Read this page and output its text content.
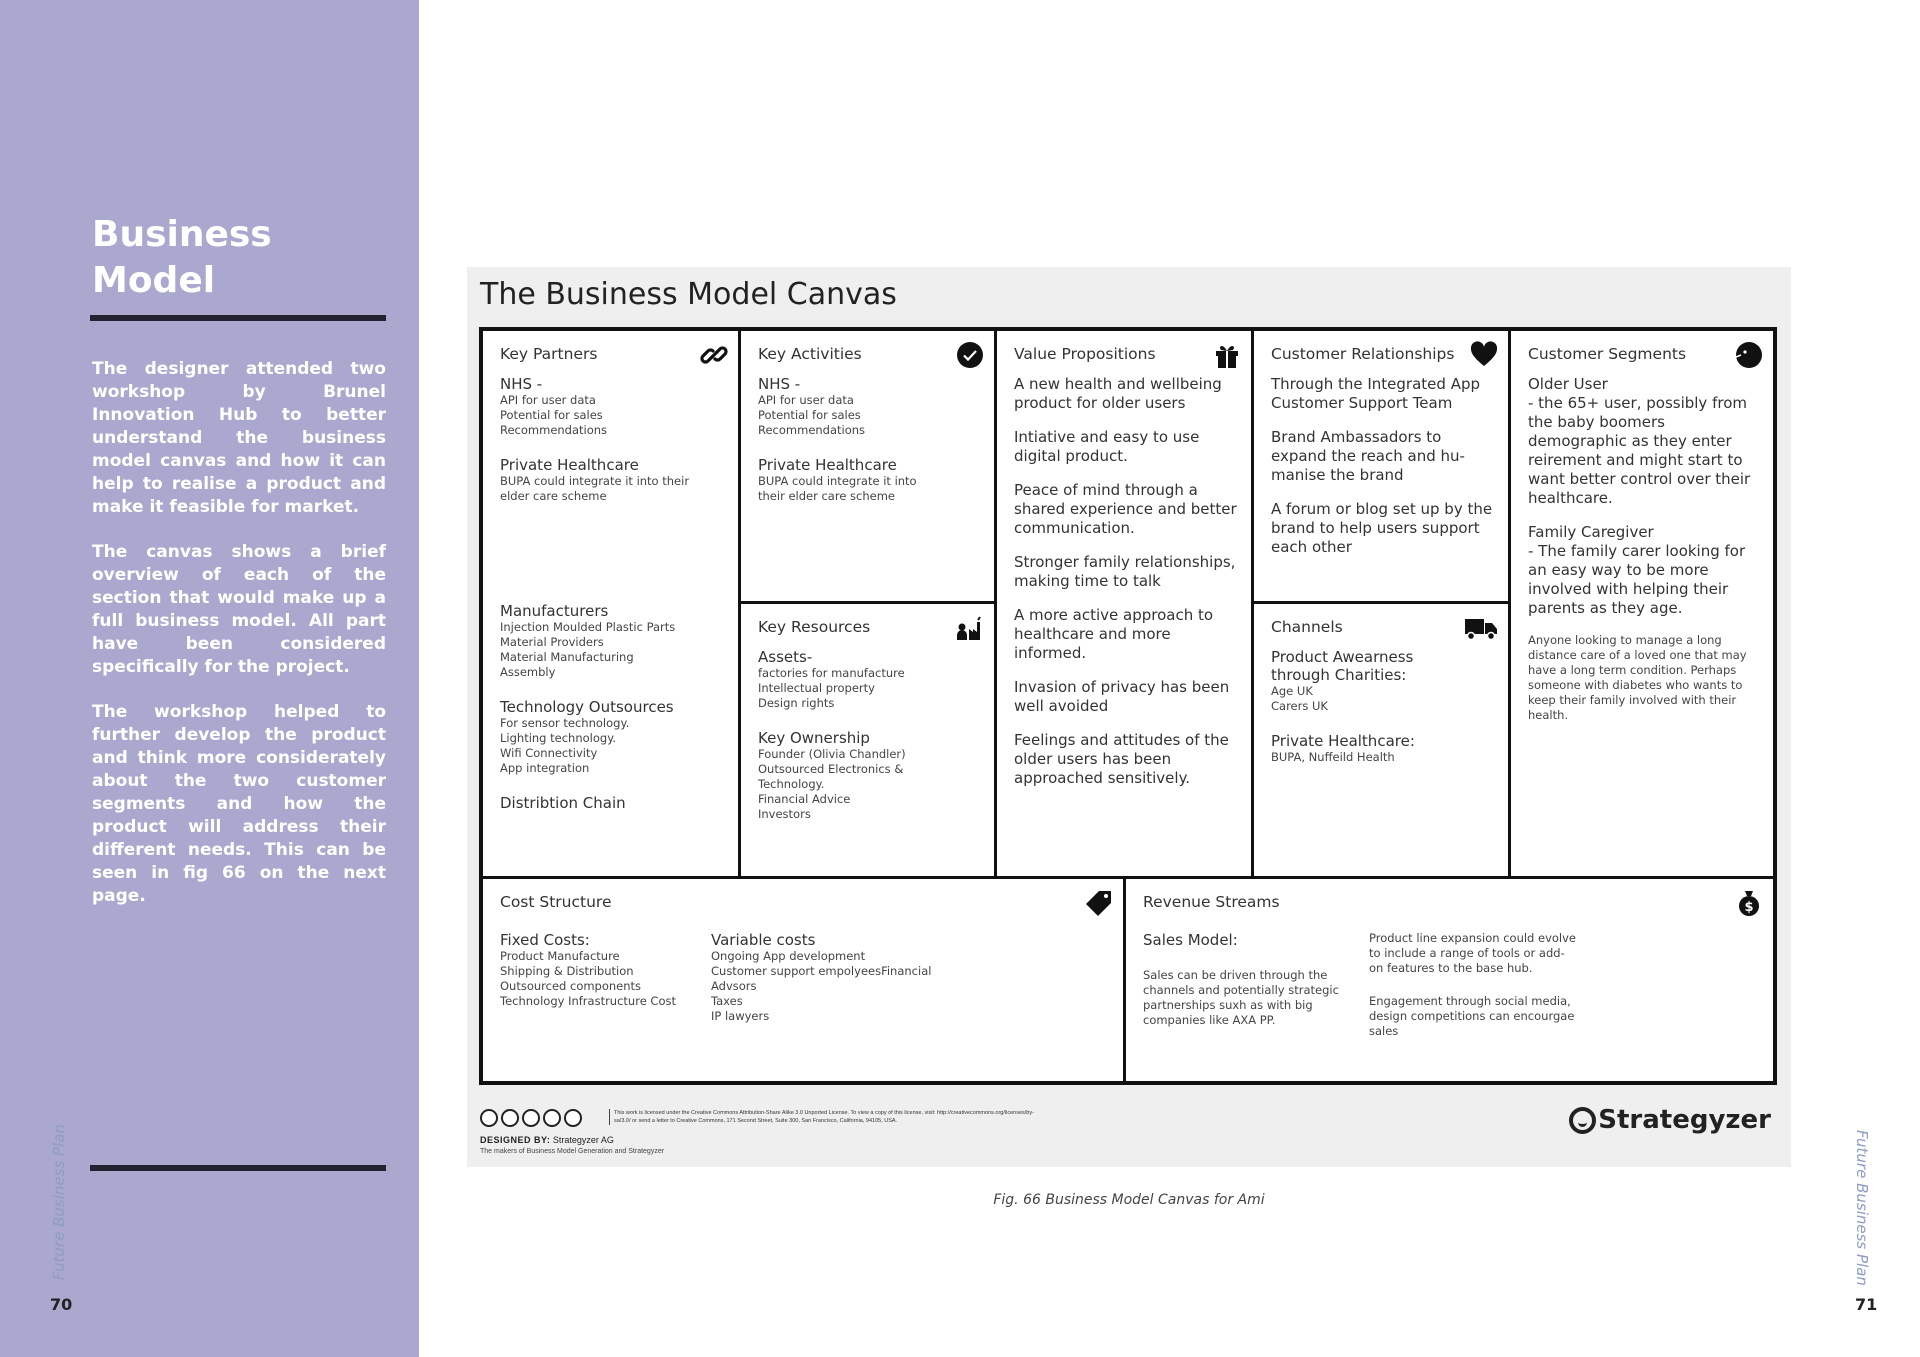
Business
Model

The designer attended two workshop by Brunel Innovation Hub to better understand the business model canvas and how it can help to realise a product and make it feasible for market.

The canvas shows a brief overview of each of the section that would make up a full business model. All part have been considered specifically for the project.

The workshop helped to further develop the product and think more considerately about the two customer segments and how the product will address their different needs. This can be seen in fig 66 on the next page.

Future Business Plan
70
Future Business Plan
71
The Business Model Canvas
Key Partners
NHS -
API for user data
Potential for sales
Recommendations
Private Healthcare
BUPA could integrate it into their
elder care scheme
Manufacturers
Injection Moulded Plastic Parts
Material Providers
Material Manufacturing
Assembly
Technology Outsources
For sensor technology.
Lighting technology.
Wifi Connectivity
App integration
Distribtion Chain
Key Activities
NHS -
API for user data
Potential for sales
Recommendations
Private Healthcare
BUPA could integrate it into
their elder care scheme
Key Resources
Assets-
factories for manufacture
Intellectual property
Design rights
Key Ownership
Founder (Olivia Chandler)
Outsourced Electronics &
Technology.
Financial Advice
Investors
Value Propositions
A new health and wellbeing product for older users
Intiative and easy to use digital product.
Peace of mind through a shared experience and better communication.
Stronger family relationships, making time to talk
A more active approach to healthcare and more informed.
Invasion of privacy has been well avoided
Feelings and attitudes of the older users has been approached sensitively.
Customer Relationships
Through the Integrated App Customer Support Team
Brand Ambassadors to expand the reach and hu-manise the brand
A forum or blog set up by the brand to help users support each other
Channels
Product Awearness through Charities:
Age UK
Carers UK
Private Healthcare:
BUPA, Nuffeild Health
Customer Segments
Older User
- the 65+ user, possibly from the baby boomers demographic as they enter reirement and might start to want better control over their healthcare.
Family Caregiver
- The family carer looking for an easy way to be more involved with helping their parents as they age.
Anyone looking to manage a long distance care of a loved one that may have a long term condition. Perhaps someone with diabetes who wants to keep their family involved with their health.
Cost Structure
Fixed Costs:
Product Manufacture
Shipping & Distribution
Outsourced components
Technology Infrastructure Cost
Variable costs
Ongoing App development
Customer support empolyeesFinancial
Advsors
Taxes
IP lawyers
Revenue Streams	$
Sales Model:
Sales can be driven through the channels and potentially strategic partnerships suxh as with big companies like AXA PP.
Product line expansion could evolve to include a range of tools or add-on features to the base hub.
Engagement through social media, design competitions can encourgae sales
This work is licensed under the Creative Commons Attribution-Share Alike 3.0 Unported License. To view a copy of this license, visit: http://creativecommons.org/licenses/by-sa/3.0/ or send a letter to Creative Commons, 171 Second Street, Suite 300, San Francisco, California, 94105, USA.
DESIGNED BY: Strategyzer AG
The makers of Business Model Generation and Strategyzer
Strategyzer
Fig. 66 Business Model Canvas for Ami
